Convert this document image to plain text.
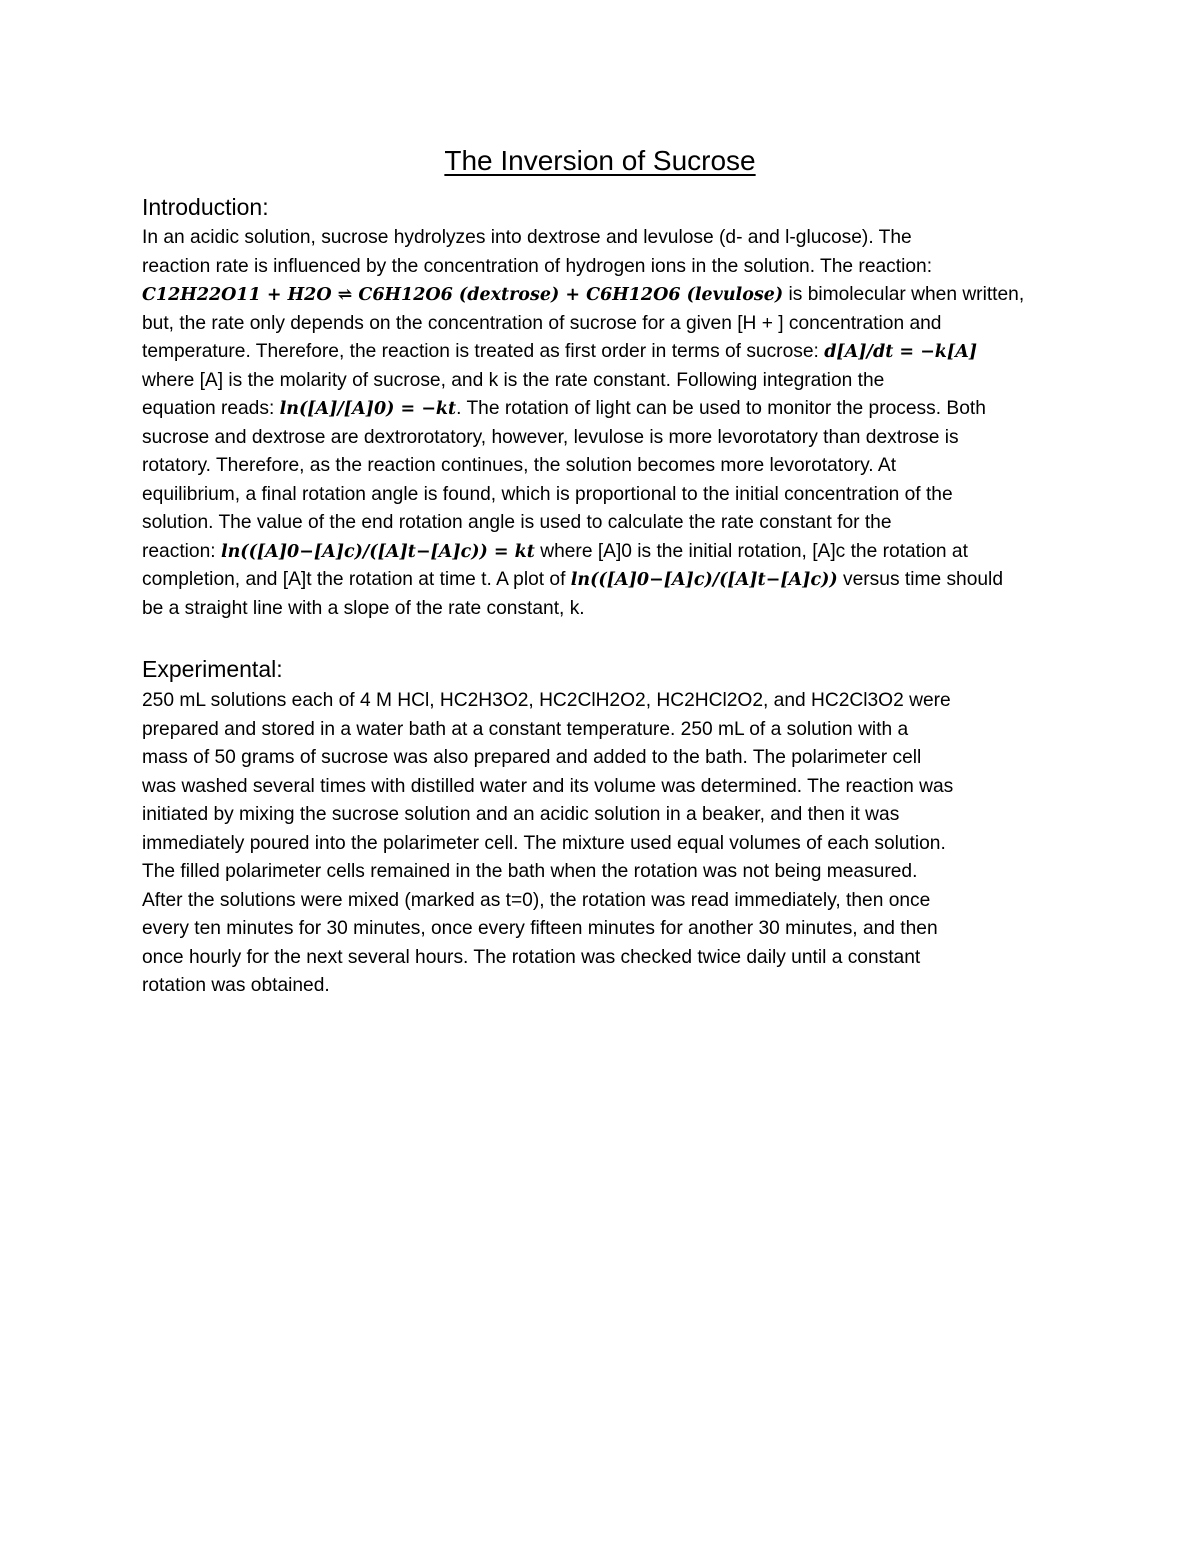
The Inversion of Sucrose
Introduction:
In an acidic solution, sucrose hydrolyzes into dextrose and levulose (d- and l-glucose). The
reaction rate is influenced by the concentration of hydrogen ions in the solution. The reaction:
C12H22O11 + H2O ⇌ C6H12O6 (dextrose) + C6H12O6 (levulose) is bimolecular when written,
but, the rate only depends on the concentration of sucrose for a given [H + ] concentration and
temperature. Therefore, the reaction is treated as first order in terms of sucrose: d[A]/dt = −k[A]
where [A] is the molarity of sucrose, and k is the rate constant. Following integration the
equation reads: ln([A]/[A]0) = −kt. The rotation of light can be used to monitor the process. Both
sucrose and dextrose are dextrorotatory, however, levulose is more levorotatory than dextrose is
rotatory. Therefore, as the reaction continues, the solution becomes more levorotatory. At
equilibrium, a final rotation angle is found, which is proportional to the initial concentration of the
solution. The value of the end rotation angle is used to calculate the rate constant for the
reaction: ln(([A]0−[A]c)/([A]t−[A]c)) = kt where [A]0 is the initial rotation, [A]c the rotation at
completion, and [A]t the rotation at time t. A plot of ln(([A]0−[A]c)/([A]t−[A]c)) versus time should
be a straight line with a slope of the rate constant, k.
Experimental:
250 mL solutions each of 4 M HCl, HC2H3O2, HC2ClH2O2, HC2HCl2O2, and HC2Cl3O2 were
prepared and stored in a water bath at a constant temperature. 250 mL of a solution with a
mass of 50 grams of sucrose was also prepared and added to the bath. The polarimeter cell
was washed several times with distilled water and its volume was determined. The reaction was
initiated by mixing the sucrose solution and an acidic solution in a beaker, and then it was
immediately poured into the polarimeter cell. The mixture used equal volumes of each solution.
The filled polarimeter cells remained in the bath when the rotation was not being measured.
After the solutions were mixed (marked as t=0), the rotation was read immediately, then once
every ten minutes for 30 minutes, once every fifteen minutes for another 30 minutes, and then
once hourly for the next several hours. The rotation was checked twice daily until a constant
rotation was obtained.
